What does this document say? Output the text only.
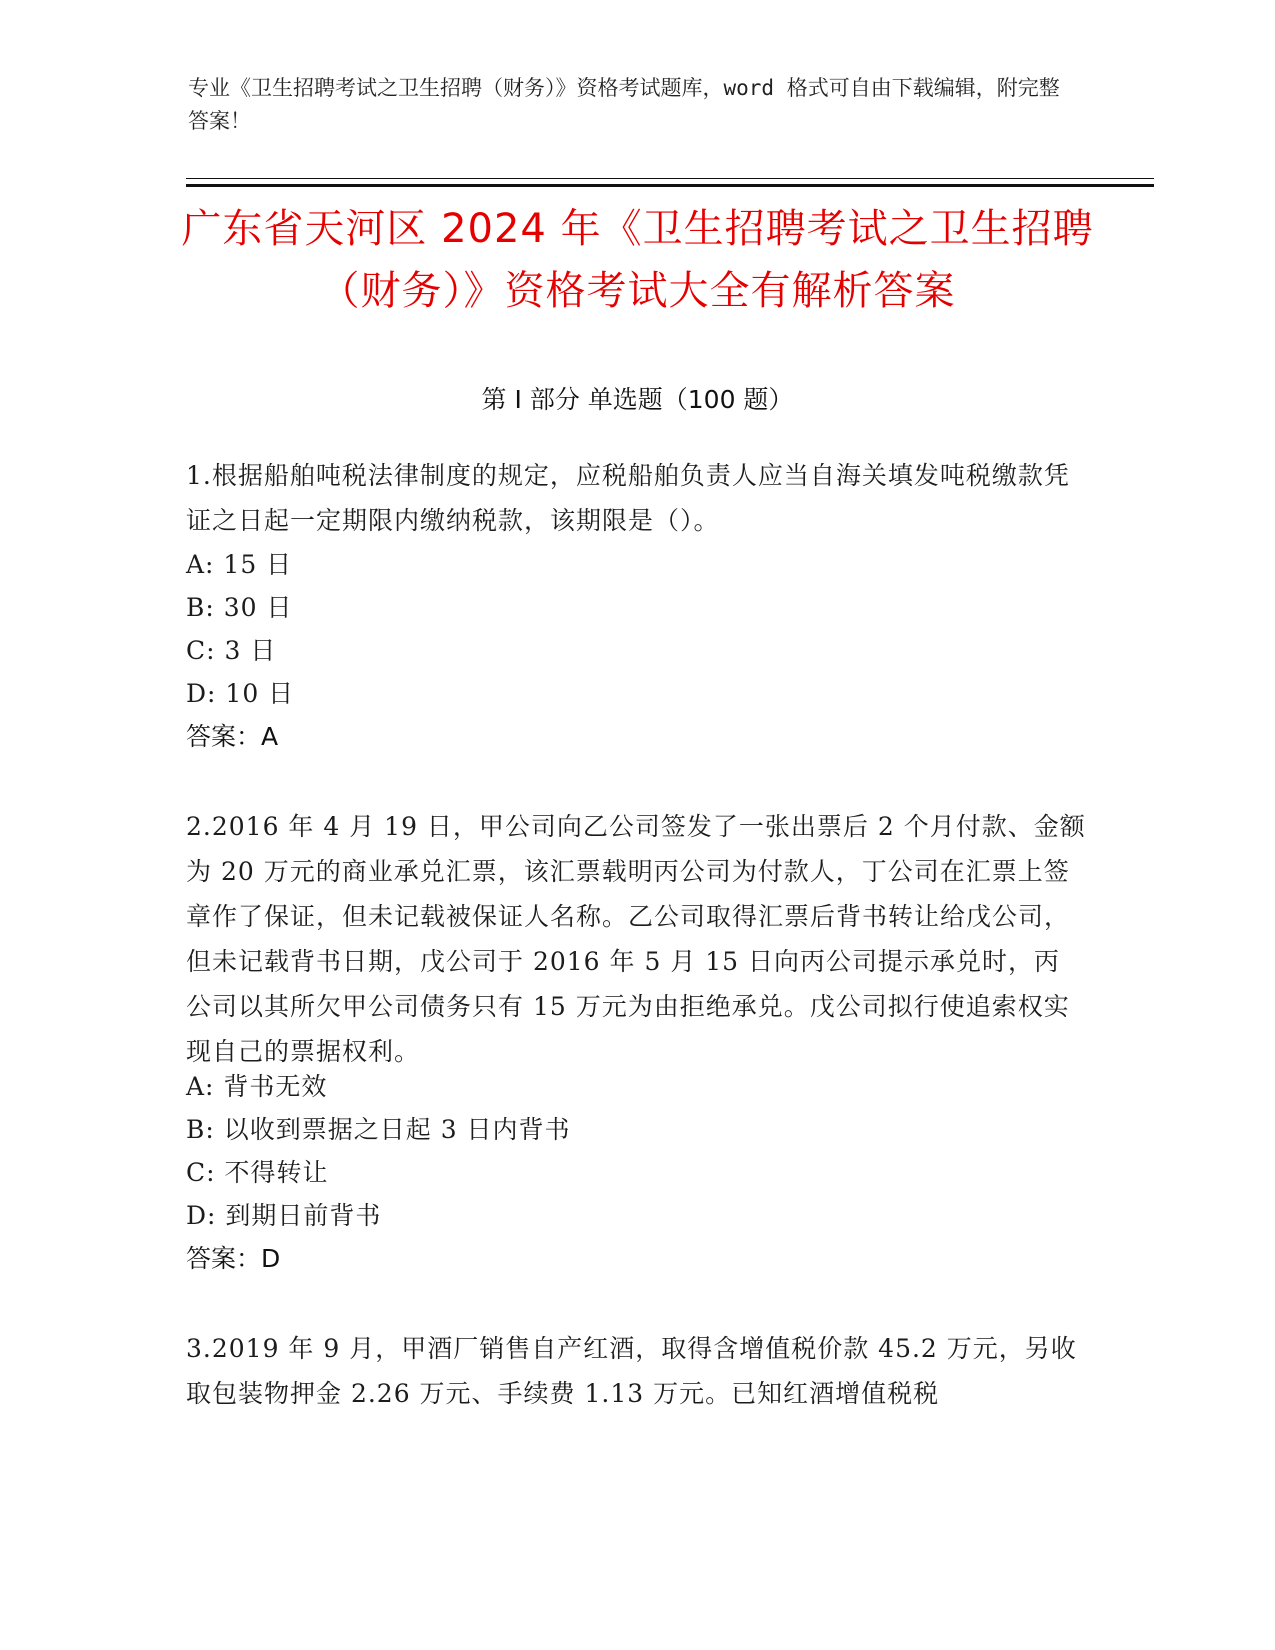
专业《卫生招聘考试之卫生招聘（财务）》资格考试题库，word 格式可自由下载编辑，附完整答案！
广东省天河区 2024 年《卫生招聘考试之卫生招聘（财务）》资格考试大全有解析答案
第 I 部分 单选题（100 题）
1.根据船舶吨税法律制度的规定，应税船舶负责人应当自海关填发吨税缴款凭证之日起一定期限内缴纳税款，该期限是（）。
A: 15 日
B: 30 日
C: 3 日
D: 10 日
答案：A
2.2016 年 4 月 19 日，甲公司向乙公司签发了一张出票后 2 个月付款、金额为 20 万元的商业承兑汇票，该汇票载明丙公司为付款人，丁公司在汇票上签章作了保证，但未记载被保证人名称。乙公司取得汇票后背书转让给戊公司，但未记载背书日期，戊公司于 2016 年 5 月 15 日向丙公司提示承兑时，丙公司以其所欠甲公司债务只有 15 万元为由拒绝承兑。戊公司拟行使追索权实现自己的票据权利。
A: 背书无效
B: 以收到票据之日起 3 日内背书
C: 不得转让
D: 到期日前背书
答案：D
3.2019 年 9 月，甲酒厂销售自产红酒，取得含增值税价款 45.2 万元，另收取包装物押金 2.26 万元、手续费 1.13 万元。已知红酒增值税税
